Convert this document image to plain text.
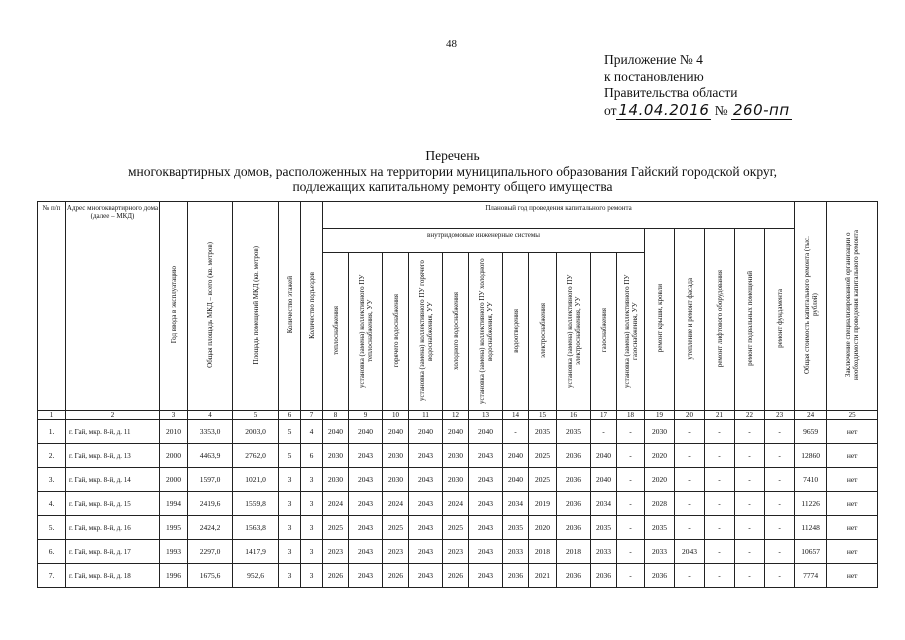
48
Приложение № 4
к постановлению
Правительства области
от 14.04.2016 № 260-пп
Перечень
многоквартирных домов, расположенных на территории муниципального образования Гайский городской округ,
подлежащих капитальному ремонту общего имущества
№ п/п	Адрес многоквартирного дома (далее – МКД)	Год ввода в эксплуатацию	Общая площадь МКД – всего (кв. метров)	Площадь помещений МКД (кв. метров)	Количество этажей	Количество подъездов	Плановый год проведения капитального ремонта																Общая стоимость капитального ремонта (тыс. рублей)	Заключение специализированной организации о необходимости проведения капитального ремонта
							внутридомовые инженерные системы											ремонт крыши, кровли	утепление и ремонт фасада	ремонт лифтового оборудования	ремонт подвальных помещений	ремонт фундамента		
							теплоснабжения	установка (замена) коллективного ПУ теплоснабжения, УУ	горячего водоснабжения	установка (замена) коллективного ПУ горячего водоснабжения, УУ	холодного водоснабжения	установка (замена) коллективного ПУ холодного водоснабжения, УУ	водоотведения	электроснабжения	установка (замена) коллективного ПУ электроснабжения, УУ	газоснабжения	установка (замена) коллективного ПУ газоснабжения, УУ							
1	2	3	4	5	6	7	8	9	10	11	12	13	14	15	16	17	18	19	20	21	22	23	24	25
1.	г. Гай, мкр. 8-й, д. 11	2010	3353,0	2003,0	5	4	2040	2040	2040	2040	2040	2040	-	2035	2035	-	-	2030	-	-	-	-	9659	нет
2.	г. Гай, мкр. 8-й, д. 13	2000	4463,9	2762,0	5	6	2030	2043	2030	2043	2030	2043	2040	2025	2036	2040	-	2020	-	-	-	-	12860	нет
3.	г. Гай, мкр. 8-й, д. 14	2000	1597,0	1021,0	3	3	2030	2043	2030	2043	2030	2043	2040	2025	2036	2040	-	2020	-	-	-	-	7410	нет
4.	г. Гай, мкр. 8-й, д. 15	1994	2419,6	1559,8	3	3	2024	2043	2024	2043	2024	2043	2034	2019	2036	2034	-	2028	-	-	-	-	11226	нет
5.	г. Гай, мкр. 8-й, д. 16	1995	2424,2	1563,8	3	3	2025	2043	2025	2043	2025	2043	2035	2020	2036	2035	-	2035	-	-	-	-	11248	нет
6.	г. Гай, мкр. 8-й, д. 17	1993	2297,0	1417,9	3	3	2023	2043	2023	2043	2023	2043	2033	2018	2018	2033	-	2033	2043	-	-	-	10657	нет
7.	г. Гай, мкр. 8-й, д. 18	1996	1675,6	952,6	3	3	2026	2043	2026	2043	2026	2043	2036	2021	2036	2036	-	2036	-	-	-	-	7774	нет
